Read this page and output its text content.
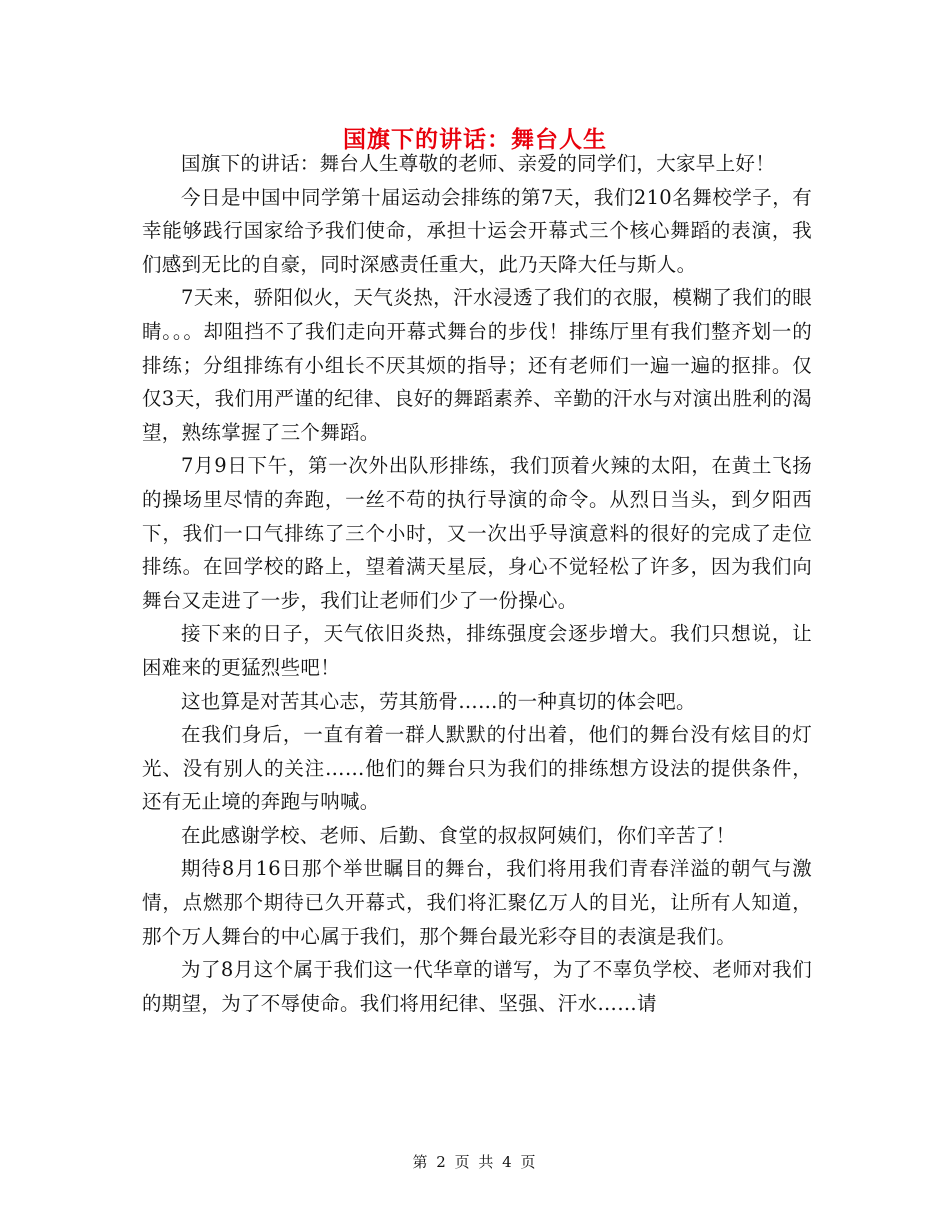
国旗下的讲话：舞台人生

国旗下的讲话：舞台人生尊敬的老师、亲爱的同学们，大家早上好！

今日是中国中同学第十届运动会排练的第7天，我们210名舞校学子，有幸能够践行国家给予我们使命，承担十运会开幕式三个核心舞蹈的表演，我们感到无比的自豪，同时深感责任重大，此乃天降大任与斯人。

7天来，骄阳似火，天气炎热，汗水浸透了我们的衣服，模糊了我们的眼睛。。。却阻挡不了我们走向开幕式舞台的步伐！排练厅里有我们整齐划一的排练；分组排练有小组长不厌其烦的指导；还有老师们一遍一遍的抠排。仅仅3天，我们用严谨的纪律、良好的舞蹈素养、辛勤的汗水与对演出胜利的渴望，熟练掌握了三个舞蹈。

7月9日下午，第一次外出队形排练，我们顶着火辣的太阳，在黄土飞扬的操场里尽情的奔跑，一丝不苟的执行导演的命令。从烈日当头，到夕阳西下，我们一口气排练了三个小时，又一次出乎导演意料的很好的完成了走位排练。在回学校的路上，望着满天星辰，身心不觉轻松了许多，因为我们向舞台又走进了一步，我们让老师们少了一份操心。

接下来的日子，天气依旧炎热，排练强度会逐步增大。我们只想说，让困难来的更猛烈些吧！

这也算是对苦其心志，劳其筋骨……的一种真切的体会吧。

在我们身后，一直有着一群人默默的付出着，他们的舞台没有炫目的灯光、没有别人的关注……他们的舞台只为我们的排练想方设法的提供条件，还有无止境的奔跑与呐喊。

在此感谢学校、老师、后勤、食堂的叔叔阿姨们，你们辛苦了！

期待8月16日那个举世瞩目的舞台，我们将用我们青春洋溢的朝气与激情，点燃那个期待已久开幕式，我们将汇聚亿万人的目光，让所有人知道，那个万人舞台的中心属于我们，那个舞台最光彩夺目的表演是我们。

为了8月这个属于我们这一代华章的谱写，为了不辜负学校、老师对我们的期望，为了不辱使命。我们将用纪律、坚强、汗水……请

第 2 页 共 4 页
